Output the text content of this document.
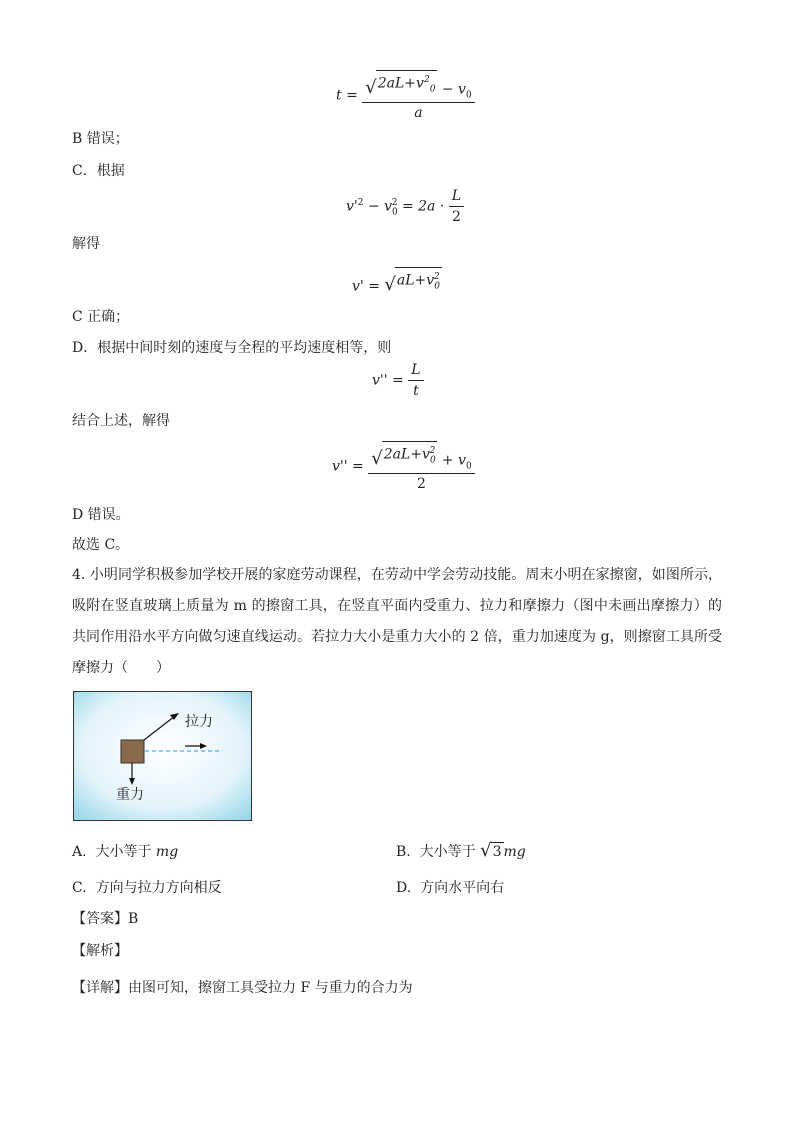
$t = \frac{√ 2aL+v^2_0 - v_0}{a}$
B 错误；
C．根据
$v'^2 - v_0^2 = 2a \cdot \frac{L}{2}$
解得
v' = √ $aL+v_0^2$
C 正确；
D．根据中间时刻的速度与全程的平均速度相等，则
$v'' = \frac{L}{t}$
结合上述，解得
v'' = √ $2aL+v_0^2$
+ $v_0$
2
D 错误。
故选 C。
4. 小明同学积极参加学校开展的家庭劳动课程，在劳动中学会劳动技能。周末小明在家擦窗，如图所示，吸附在竖直玻璃上质量为 m 的擦窗工具，在竖直平面内受重力、拉力和摩擦力（图中未画出摩擦力）的共同作用沿水平方向做匀速直线运动。若拉力大小是重力大小的 2 倍，重力加速度为 g，则擦窗工具所受摩擦力（　　）
拉力
重力
A. 大小等于 mg	B. 大小等于 √ 3 mg
C. 方向与拉力方向相反	D. 方向水平向右
【答案】B
【解析】
【详解】由图可知，擦窗工具受拉力 F 与重力的合力为
